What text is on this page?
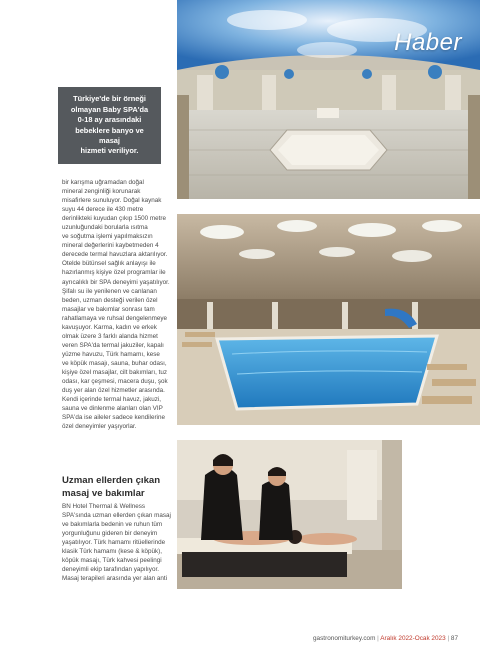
Haber
Türkiye'de bir örneği
olmayan Baby SPA'da
0-18 ay arasındaki
bebeklere banyo ve masaj
hizmeti veriliyor.
bir karışma uğramadan doğal
mineral zenginliği korunarak
misafirlere sunuluyor. Doğal kaynak
suyu 44 derece ile 430 metre
derinlikteki kuyudan çıkıp 1500 metre
uzunluğundaki borularla ısıtma
ve soğutma işlemi yapılmaksızın
mineral değerlerini kaybetmeden 4
derecede termal havuzlara aktarılıyor.
Otelde bütünsel sağlık anlayışı ile
hazırlanmış kişiye özel programlar ile
ayrıcalıklı bir SPA deneyimi yaşatılıyor.
Şifalı su ile yenilenen ve canlanan
beden, uzman desteği verilen özel
masajlar ve bakımlar sonrası tam
rahatlamaya ve ruhsal dengelenmeye
kavuşuyor. Karma, kadın ve erkek
olmak üzere 3 farklı alanda hizmet
veren SPA'da termal jakuziler, kapalı
yüzme havuzu, Türk hamamı, kese
ve köpük masajı, sauna, buhar odası,
kişiye özel masajlar, cilt bakımları, tuz
odası, kar çeşmesi, macera duşu, şok
duş yer alan özel hizmetler arasında.
Kendi içerinde termal havuz, jakuzi,
sauna ve dinlenme alanları olan VIP
SPA'da ise aileler sadece kendilerine
özel deneyimler yaşıyorlar.
Uzman ellerden çıkan
masaj ve bakımlar
BN Hotel Thermal & Wellness
SPA'sında uzman ellerden çıkan masaj
ve bakımlarla bedenin ve ruhun tüm
yorgunluğunu gideren bir deneyim
yaşatılıyor. Türk hamamı ritüellerinde
klasik Türk hamamı (kese & köpük),
köpük masajı, Türk kahvesi peelingi
deneyimli ekip tarafından yapılıyor.
Masaj terapileri arasında yer alan anti
gastronomiturkey.com | Aralık 2022-Ocak 2023 | 87
